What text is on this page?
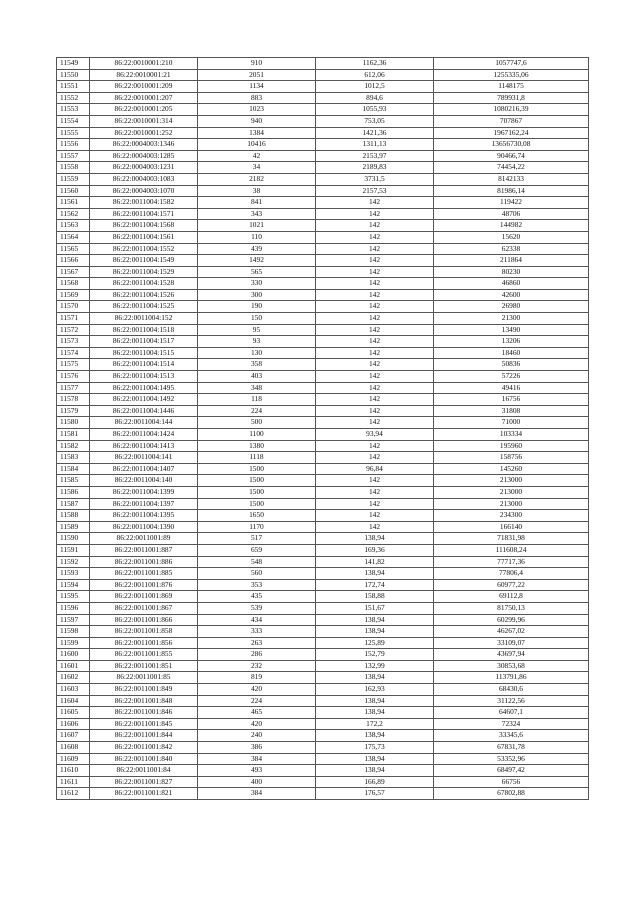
11549	86:22:0010001:210	910	1162,36	1057747,6
11550	86:22:0010001:21	2051	612,06	1255335,06
11551	86:22:0010001:209	1134	1012,5	1148175
11552	86:22:0010001:207	883	894,6	789931,8
11553	86:22:0010001:205	1023	1055,93	1080216,39
11554	86:22:0010001:314	940	753,05	707867
11555	86:22:0010001:252	1384	1421,36	1967162,24
11556	86:22:0004003:1346	10416	1311,13	13656730,08
11557	86:22:0004003:1285	42	2153,97	90466,74
11558	86:22:0004003:1231	34	2189,83	74454,22
11559	86:22:0004003:1083	2182	3731,5	8142133
11560	86:22:0004003:1070	38	2157,53	81986,14
11561	86:22:0011004:1582	841	142	119422
11562	86:22:0011004:1571	343	142	48706
11563	86:22:0011004:1568	1021	142	144982
11564	86:22:0011004:1561	110	142	15620
11565	86:22:0011004:1552	439	142	62338
11566	86:22:0011004:1549	1492	142	211864
11567	86:22:0011004:1529	565	142	80230
11568	86:22:0011004:1528	330	142	46860
11569	86:22:0011004:1526	300	142	42600
11570	86:22:0011004:1525	190	142	26980
11571	86:22:0011004:152	150	142	21300
11572	86:22:0011004:1518	95	142	13490
11573	86:22:0011004:1517	93	142	13206
11574	86:22:0011004:1515	130	142	18460
11575	86:22:0011004:1514	358	142	50836
11576	86:22:0011004:1513	403	142	57226
11577	86:22:0011004:1495	348	142	49416
11578	86:22:0011004:1492	118	142	16756
11579	86:22:0011004:1446	224	142	31808
11580	86:22:0011004:144	500	142	71000
11581	86:22:0011004:1424	1100	93,94	103334
11582	86:22:0011004:1413	1380	142	195960
11583	86:22:0011004:141	1118	142	158756
11584	86:22:0011004:1407	1500	96,84	145260
11585	86:22:0011004:140	1500	142	213000
11586	86:22:0011004:1399	1500	142	213000
11587	86:22:0011004:1397	1500	142	213000
11588	86:22:0011004:1395	1650	142	234300
11589	86:22:0011004:1390	1170	142	166140
11590	86:22:0011001:89	517	138,94	71831,98
11591	86:22:0011001:887	659	169,36	111608,24
11592	86:22:0011001:886	548	141,82	77717,36
11593	86:22:0011001:885	560	138,94	77806,4
11594	86:22:0011001:876	353	172,74	60977,22
11595	86:22:0011001:869	435	158,88	69112,8
11596	86:22:0011001:867	539	151,67	81750,13
11597	86:22:0011001:866	434	138,94	60299,96
11598	86:22:0011001:858	333	138,94	46267,02
11599	86:22:0011001:856	263	125,89	33109,07
11600	86:22:0011001:855	286	152,79	43697,94
11601	86:22:0011001:851	232	132,99	30853,68
11602	86:22:0011001:85	819	138,94	113791,86
11603	86:22:0011001:849	420	162,93	68430,6
11604	86:22:0011001:848	224	138,94	31122,56
11605	86:22:0011001:846	465	138,94	64607,1
11606	86:22:0011001:845	420	172,2	72324
11607	86:22:0011001:844	240	138,94	33345,6
11608	86:22:0011001:842	386	175,73	67831,78
11609	86:22:0011001:840	384	138,94	53352,96
11610	86:22:0011001:84	493	138,94	68497,42
11611	86:22:0011001:827	400	166,89	66756
11612	86:22:0011001:821	384	176,57	67802,88
